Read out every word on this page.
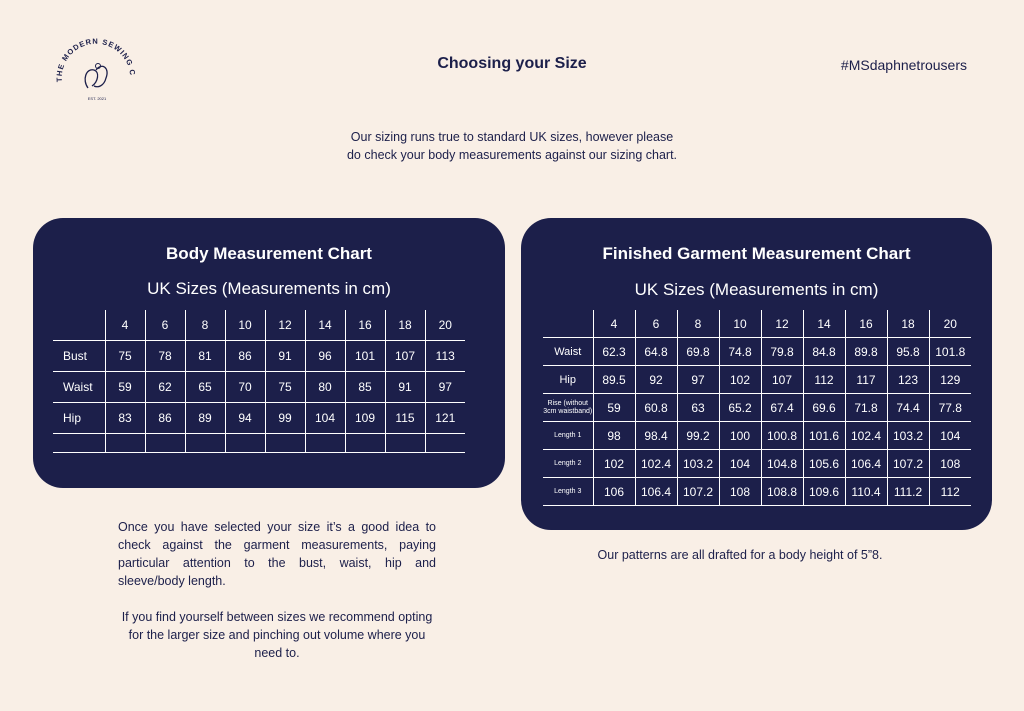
THE MODERN SEWING C
EST. 2021
Choosing your Size	#MSdaphnetrousers
Our sizing runs true to standard UK sizes, however please
do check your body measurements against our sizing chart.
Body Measurement Chart
UK Sizes (Measurements in cm)
	4	6	8	10	12	14	16	18	20
Bust	75	78	81	86	91	96	101	107	113
Waist	59	62	65	70	75	80	85	91	97
Hip	83	86	89	94	99	104	109	115	121

Finished Garment Measurement Chart
UK Sizes (Measurements in cm)
	4	6	8	10	12	14	16	18	20
Waist	62.3	64.8	69.8	74.8	79.8	84.8	89.8	95.8	101.8
Hip	89.5	92	97	102	107	112	117	123	129
Rise (without 3cm waistband)	59	60.8	63	65.2	67.4	69.6	71.8	74.4	77.8
Length 1	98	98.4	99.2	100	100.8	101.6	102.4	103.2	104
Length 2	102	102.4	103.2	104	104.8	105.6	106.4	107.2	108
Length 3	106	106.4	107.2	108	108.8	109.6	110.4	111.2	112

Once you have selected your size it’s a good idea to check against the garment measurements, paying particular attention to the bust, waist, hip and sleeve/body length.

If you find yourself between sizes we recommend opting for the larger size and pinching out volume where you need to.

Our patterns are all drafted for a body height of 5”8.
